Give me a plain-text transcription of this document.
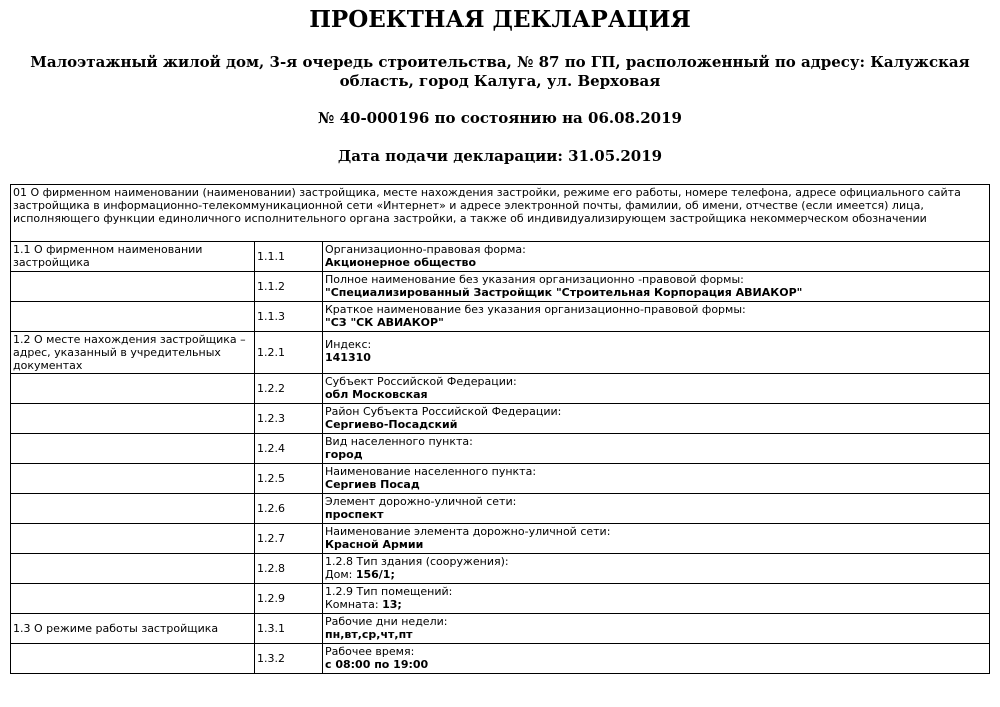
ПРОЕКТНАЯ ДЕКЛАРАЦИЯ

Малоэтажный жилой дом, 3-я очередь строительства, № 87 по ГП, расположенный по адресу: Калужская область, город Калуга, ул. Верховая

№ 40-000196 по состоянию на 06.08.2019

Дата подачи декларации: 31.05.2019

01 О фирменном наименовании (наименовании) застройщика, месте нахождения застройки, режиме его работы, номере телефона, адресе официального сайта застройщика в информационно-телекоммуникационной сети «Интернет» и адресе электронной почты, фамилии, об имени, отчестве (если имеется) лица, исполняющего функции единоличного исполнительного органа застройки, а также об индивидуализирующем застройщика некоммерческом обозначении		
1.1 О фирменном наименовании застройщика	1.1.1	Организационно-правовая форма:
Акционерное общество

	1.1.2	Полное наименование без указания организационно -правовой формы:
"Специализированный Застройщик "Строительная Корпорация АВИАКОР"

	1.1.3	Краткое наименование без указания организационно-правовой формы:
"СЗ "СК АВИАКОР"

1.2 О месте нахождения застройщика – адрес, указанный в учредительных документах	1.2.1	Индекс:
141310

	1.2.2	Субъект Российской Федерации:
обл Московская

	1.2.3	Район Субъекта Российской Федерации:
Сергиево-Посадский

	1.2.4	Вид населенного пункта:
город

	1.2.5	Наименование населенного пункта:
Сергиев Посад

	1.2.6	Элемент дорожно-уличной сети:
проспект

	1.2.7	Наименование элемента дорожно-уличной сети:
Красной Армии

	1.2.8	1.2.8 Тип здания (сооружения):
Дом: 156/1;

	1.2.9	1.2.9 Тип помещений:
Комната: 13;

1.3 О режиме работы застройщика	1.3.1	Рабочие дни недели:
пн,вт,ср,чт,пт

	1.3.2	Рабочее время:
с 08:00 по 19:00
